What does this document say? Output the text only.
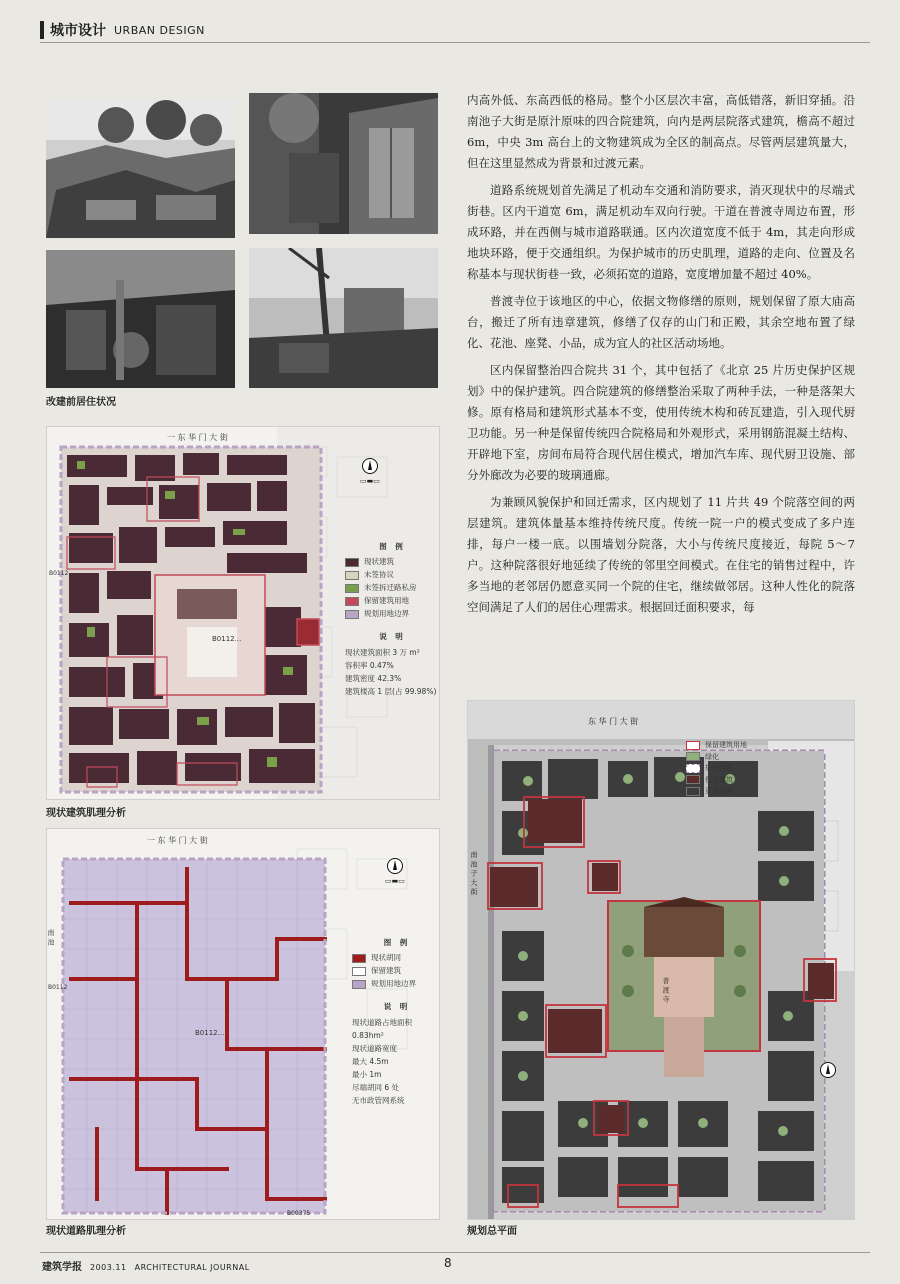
城市设计 URBAN DESIGN
改建前居住状况
一 东 华 门 大 街
B0112...
B0112
▭▬▭
图 例
现状建筑
未签协议
未签拆迁路私房
保留建筑用地
规划用地边界
说 明
现状建筑面积 3 万 m²
容积率 0.47%
建筑密度 42.3%
建筑楼高 1 层(占 99.98%)
现状建筑肌理分析
一 东 华 门 大 街
B0112...
B0112
B00375
南 池
▭▬▭
图 例
现状胡同
保留建筑
规划用地边界
说 明
现状道路占地面积
0.83hm²
现状道路宽度
最大 4.5m
最小 1m
尽端胡同 6 处
无市政管网系统
现状道路肌理分析

内高外低、东高西低的格局。整个小区层次丰富，高低错落，新旧穿插。沿南池子大街是原汁原味的四合院建筑，向内是两层院落式建筑，檐高不超过 6m，中央 3m 高台上的文物建筑成为全区的制高点。尽管两层建筑量大，但在这里显然成为背景和过渡元素。

道路系统规划首先满足了机动车交通和消防要求，消灭现状中的尽端式街巷。区内干道宽 6m，满足机动车双向行驶。干道在普渡寺周边布置，形成环路，并在西侧与城市道路联通。区内次道宽度不低于 4m，其走向形成地块环路，便于交通组织。为保护城市的历史肌理，道路的走向、位置及名称基本与现状街巷一致，必须拓宽的道路，宽度增加量不超过 40%。

普渡寺位于该地区的中心，依据文物修缮的原则，规划保留了原大庙高台，搬迁了所有违章建筑，修缮了仅存的山门和正殿，其余空地布置了绿化、花池、座凳、小品，成为宜人的社区活动场地。

区内保留整治四合院共 31 个，其中包括了《北京 25 片历史保护区规划》中的保护建筑。四合院建筑的修缮整治采取了两种手法，一种是落架大修。原有格局和建筑形式基本不变，使用传统木构和砖瓦建造，引入现代厨卫功能。另一种是保留传统四合院格局和外观形式，采用钢筋混凝土结构、开辟地下室，房间布局符合现代居住模式，增加汽车库、现代厨卫设施、部分外廊改为必要的玻璃通廊。

为兼顾风貌保护和回迁需求，区内规划了 11 片共 49 个院落空间的两层建筑。建筑体量基本维持传统尺度。传统一院一户的模式变成了多户连排，每户一楼一底。以围墙划分院落，大小与传统尺度接近，每院 5～7 户。这种院落很好地延续了传统的邻里空间模式。在住宅的销售过程中，许多当地的老邻居仍愿意买同一个院的住宅，继续做邻居。这种人性化的院落空间满足了人们的居住心理需求。根据回迁面积要求，每

东 华 门 大 街
南 池 子 大 街
普 渡 寺
保留建筑用地
绿化
规划范围
保留建筑
更新建筑
规划总平面
建筑学报 2003.11 ARCHITECTURAL JOURNAL	8
